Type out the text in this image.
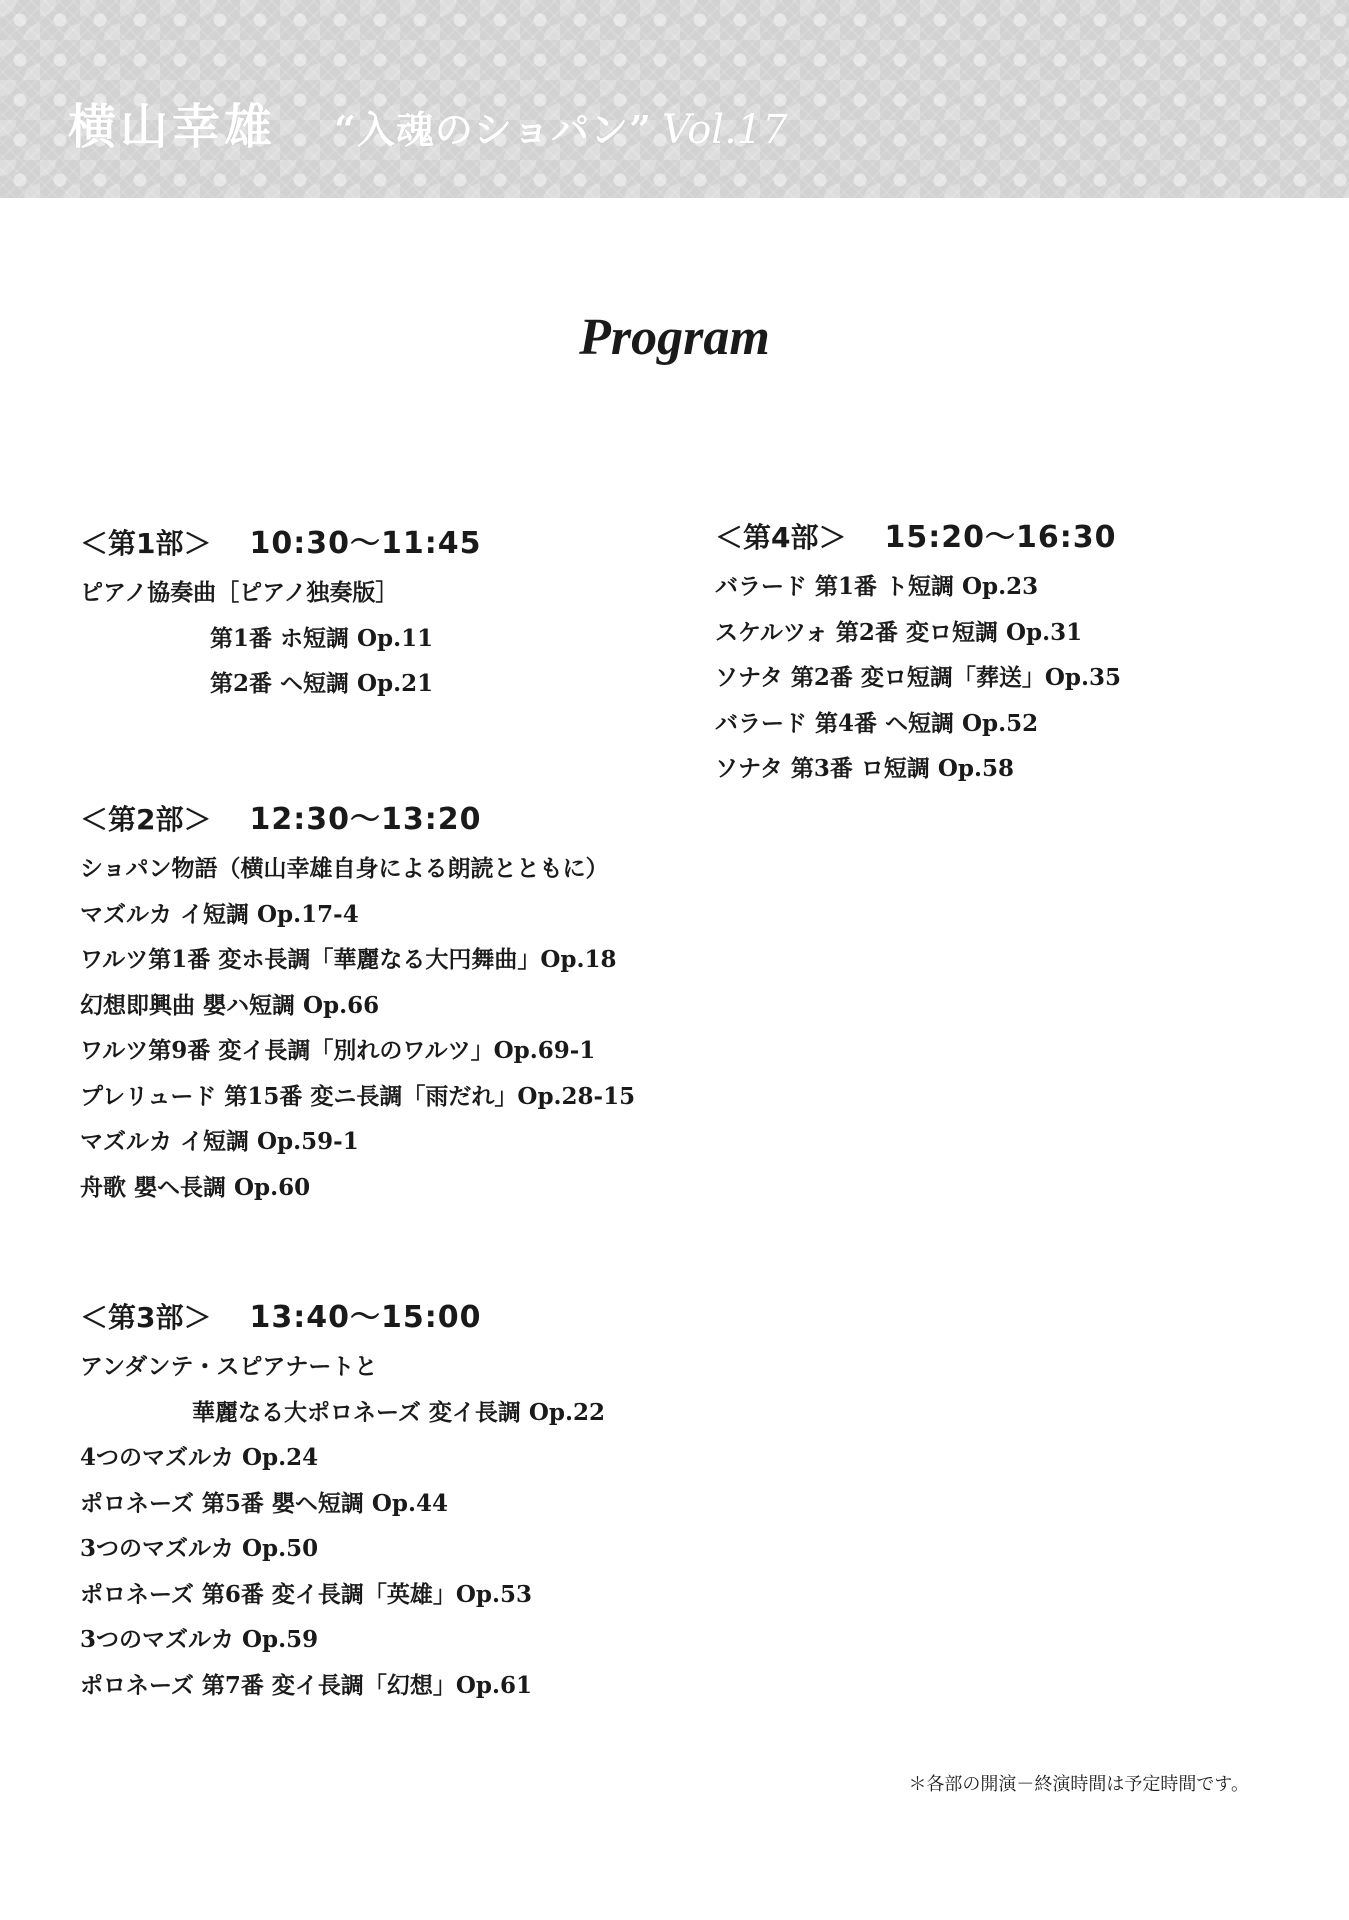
横山幸雄 “入魂のショパン” Vol.17
Program
＜第1部＞ 10:30〜11:45
ピアノ協奏曲［ピアノ独奏版］
第1番 ホ短調 Op.11
第2番 ヘ短調 Op.21
＜第2部＞ 12:30〜13:20
ショパン物語（横山幸雄自身による朗読とともに）
マズルカ イ短調 Op.17-4
ワルツ第1番 変ホ長調「華麗なる大円舞曲」Op.18
幻想即興曲 嬰ハ短調 Op.66
ワルツ第9番 変イ長調「別れのワルツ」Op.69-1
プレリュード 第15番 変ニ長調「雨だれ」Op.28-15
マズルカ イ短調 Op.59-1
舟歌 嬰ヘ長調 Op.60
＜第3部＞ 13:40〜15:00
アンダンテ・スピアナートと
華麗なる大ポロネーズ 変イ長調 Op.22
4つのマズルカ Op.24
ポロネーズ 第5番 嬰ヘ短調 Op.44
3つのマズルカ Op.50
ポロネーズ 第6番 変イ長調「英雄」Op.53
3つのマズルカ Op.59
ポロネーズ 第7番 変イ長調「幻想」Op.61
＜第4部＞ 15:20〜16:30
バラード 第1番 ト短調 Op.23
スケルツォ 第2番 変ロ短調 Op.31
ソナタ 第2番 変ロ短調「葬送」Op.35
バラード 第4番 ヘ短調 Op.52
ソナタ 第3番 ロ短調 Op.58
＊各部の開演－終演時間は予定時間です。
